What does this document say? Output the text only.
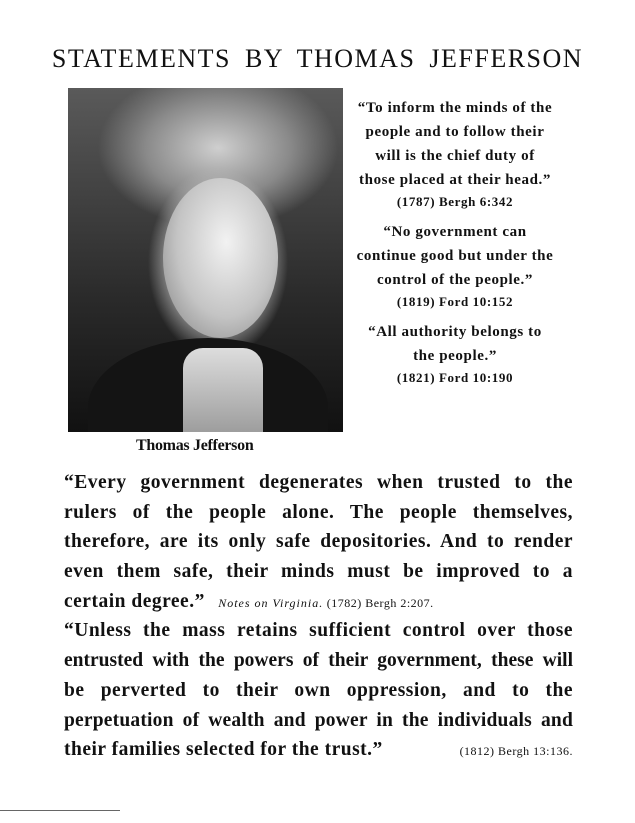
STATEMENTS BY THOMAS JEFFERSON
Thomas Jefferson
“To inform the minds of the
people and to follow their
will is the chief duty of
those placed at their head.”
(1787) Bergh 6:342
“No government can
continue good but under the
control of the people.”
(1819) Ford 10:152
“All authority belongs to
the people.”
(1821) Ford 10:190
“Every government degenerates when trusted to the
rulers of the people alone. The people themselves,
therefore, are its only safe depositories. And to render
even them safe, their minds must be improved to a
certain degree.” Notes on Virginia. (1782) Bergh 2:207.
“Unless the mass retains sufficient control over those
entrusted with the powers of their government, these will
be perverted to their own oppression, and to the
perpetuation of wealth and power in the individuals and
their families selected for the trust.”	(1812) Bergh 13:136.
